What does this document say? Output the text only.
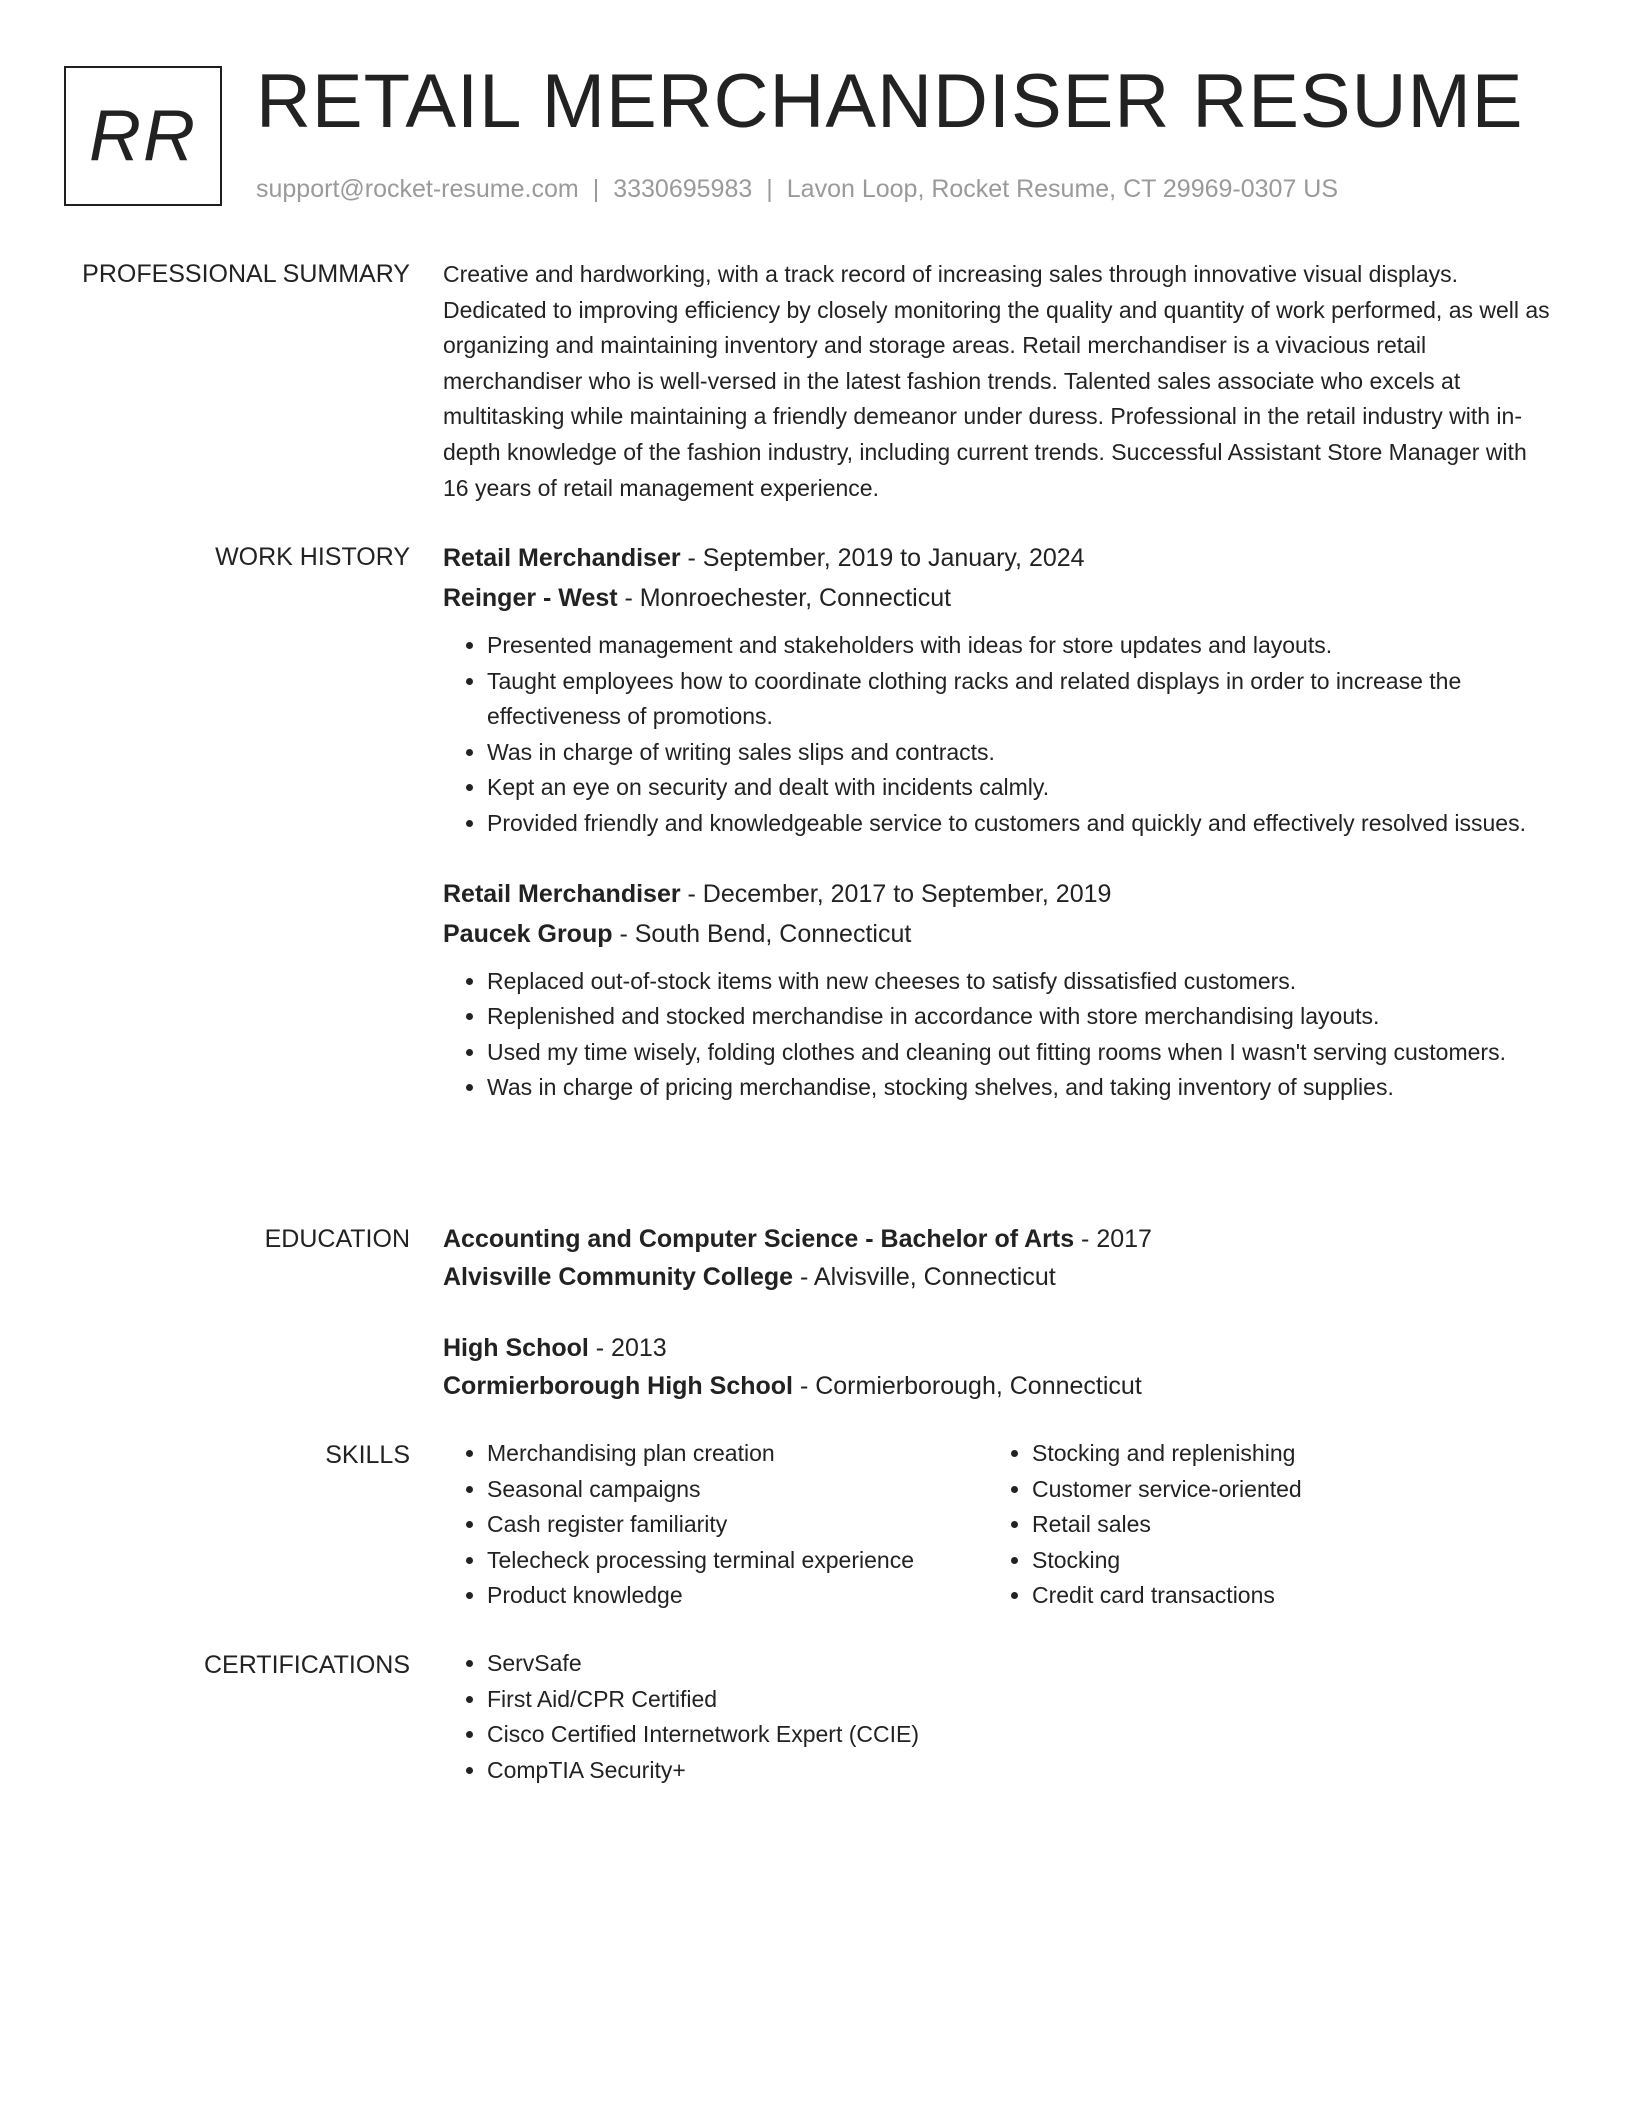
RR RETAIL MERCHANDISER RESUME
support@rocket-resume.com | 3330695983 | Lavon Loop, Rocket Resume, CT 29969-0307 US
PROFESSIONAL SUMMARY Creative and hardworking, with a track record of increasing sales through innovative visual displays. Dedicated to improving efficiency by closely monitoring the quality and quantity of work performed, as well as organizing and maintaining inventory and storage areas. Retail merchandiser is a vivacious retail merchandiser who is well-versed in the latest fashion trends. Talented sales associate who excels at multitasking while maintaining a friendly demeanor under duress. Professional in the retail industry with in-depth knowledge of the fashion industry, including current trends. Successful Assistant Store Manager with 16 years of retail management experience.

WORK HISTORY Retail Merchandiser - September, 2019 to January, 2024
Reinger - West - Monroechester, Connecticut
• Presented management and stakeholders with ideas for store updates and layouts.
• Taught employees how to coordinate clothing racks and related displays in order to increase the effectiveness of promotions.
• Was in charge of writing sales slips and contracts.
• Kept an eye on security and dealt with incidents calmly.
• Provided friendly and knowledgeable service to customers and quickly and effectively resolved issues.
Retail Merchandiser - December, 2017 to September, 2019
Paucek Group - South Bend, Connecticut
• Replaced out-of-stock items with new cheeses to satisfy dissatisfied customers.
• Replenished and stocked merchandise in accordance with store merchandising layouts.
• Used my time wisely, folding clothes and cleaning out fitting rooms when I wasn't serving customers.
• Was in charge of pricing merchandise, stocking shelves, and taking inventory of supplies.
EDUCATION Accounting and Computer Science - Bachelor of Arts - 2017
Alvisville Community College - Alvisville, Connecticut
High School - 2013
Cormierborough High School - Cormierborough, Connecticut
SKILLS	• Merchandising plan creation
• Seasonal campaigns
• Cash register familiarity
• Telecheck processing terminal experience
• Product knowledge
• Stocking and replenishing
• Customer service-oriented
• Retail sales
• Stocking
• Credit card transactions
CERTIFICATIONS	• ServSafe
• First Aid/CPR Certified
• Cisco Certified Internetwork Expert (CCIE)
• CompTIA Security+
